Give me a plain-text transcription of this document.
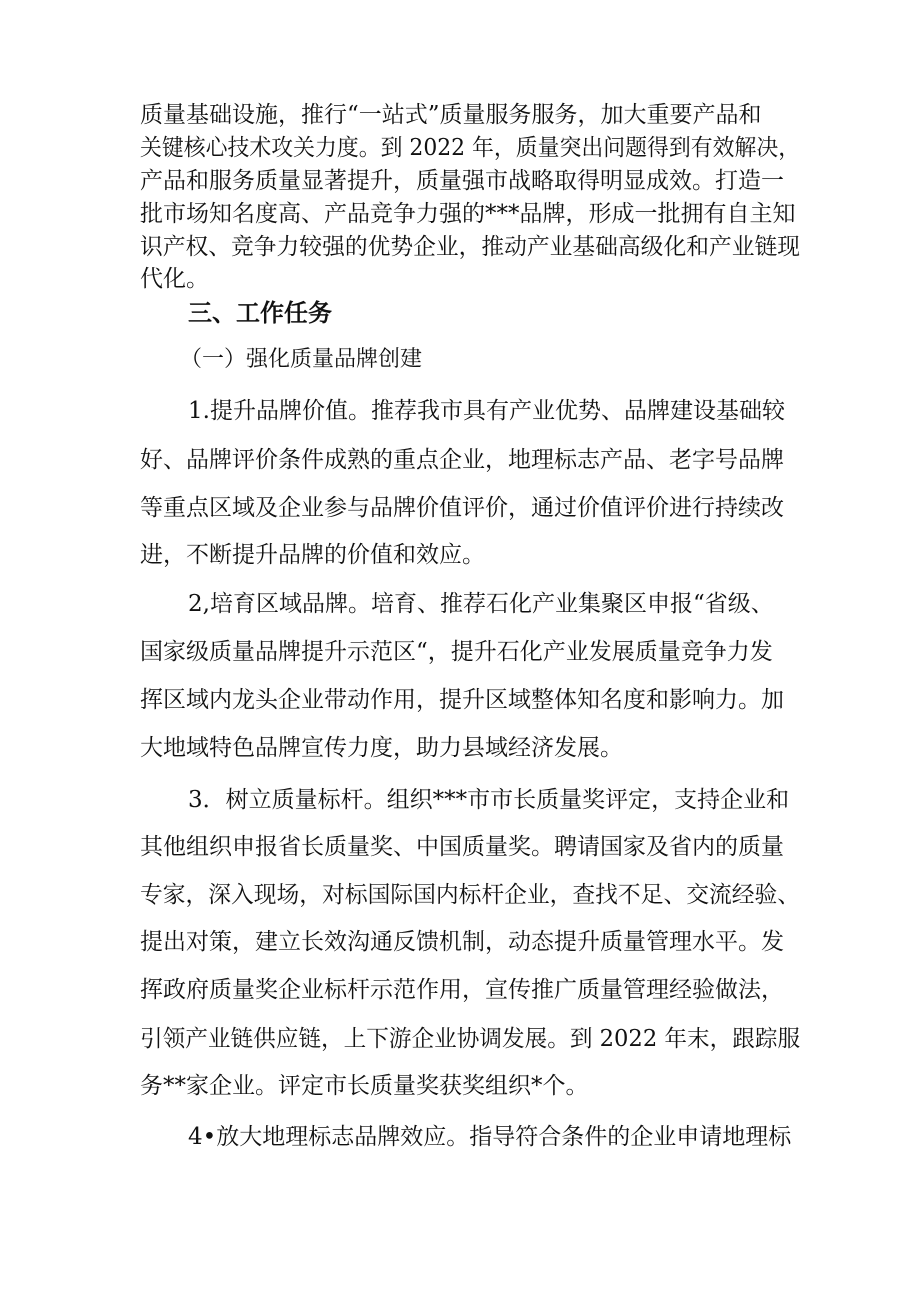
质量基础设施，推行“一站式”质量服务服务，加大重要产品和
关键核心技术攻关力度。到 2022 年，质量突出问题得到有效解决，
产品和服务质量显著提升，质量强市战略取得明显成效。打造一
批市场知名度高、产品竞争力强的***品牌，形成一批拥有自主知
识产权、竞争力较强的优势企业，推动产业基础高级化和产业链现
代化。
三、工作任务
（一）强化质量品牌创建
1.提升品牌价值。推荐我市具有产业优势、品牌建设基础较
好、品牌评价条件成熟的重点企业，地理标志产品、老字号品牌
等重点区域及企业参与品牌价值评价，通过价值评价进行持续改
进，不断提升品牌的价值和效应。
2,培育区域品牌。培育、推荐石化产业集聚区申报“省级、
国家级质量品牌提升示范区“，提升石化产业发展质量竞争力发
挥区域内龙头企业带动作用，提升区域整体知名度和影响力。加
大地域特色品牌宣传力度，助力县域经济发展。
3．树立质量标杆。组织***市市长质量奖评定，支持企业和
其他组织申报省长质量奖、中国质量奖。聘请国家及省内的质量
专家，深入现场，对标国际国内标杆企业，查找不足、交流经验、
提出对策，建立长效沟通反馈机制，动态提升质量管理水平。发
挥政府质量奖企业标杆示范作用，宣传推广质量管理经验做法，
引领产业链供应链，上下游企业协调发展。到 2022 年末，跟踪服
务**家企业。评定市长质量奖获奖组织*个。
4•放大地理标志品牌效应。指导符合条件的企业申请地理标
